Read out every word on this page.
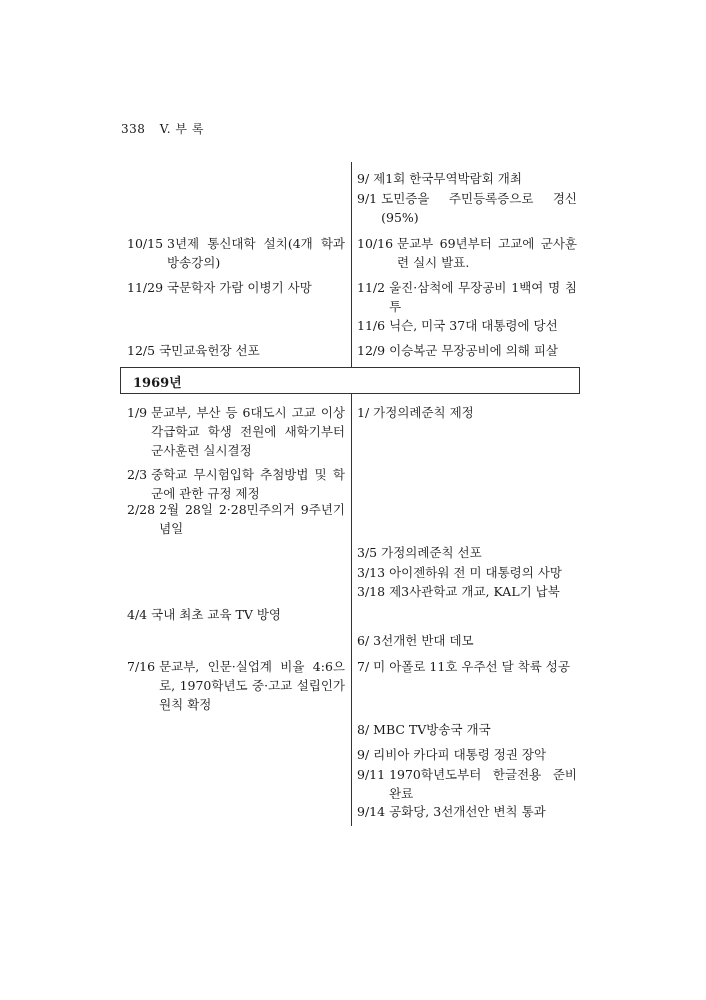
338 V. 부 록
10/15 3년제 통신대학 설치(4개 학과 방송강의)
11/29 국문학자 가람 이병기 사망
12/5 국민교육헌장 선포
9/ 제1회 한국무역박람회 개최
9/1 도민증을 주민등록증으로 경신(95%)
10/16 문교부 69년부터 고교에 군사훈련 실시 발표.
11/2 울진·삼척에 무장공비 1백여 명 침투
11/6 닉슨, 미국 37대 대통령에 당선
12/9 이승복군 무장공비에 의해 피살
1969년
1/9 문교부, 부산 등 6대도시 고교 이상 각급학교 학생 전원에 새학기부터 군사훈련 실시결정
2/3 중학교 무시험입학 추첨방법 및 학군에 관한 규정 제정
2/28 2월 28일 2·28민주의거 9주년기념일
4/4 국내 최초 교육 TV 방영
7/16 문교부, 인문·실업계 비율 4:6으로, 1970학년도 중·고교 설립인가 원칙 확정
1/ 가정의례준칙 제정
3/5 가정의례준칙 선포
3/13 아이젠하워 전 미 대통령의 사망
3/18 제3사관학교 개교, KAL기 납북
6/ 3선개헌 반대 데모
7/ 미 아폴로 11호 우주선 달 착륙 성공
8/ MBC TV방송국 개국
9/ 리비아 카다피 대통령 정권 장악
9/11 1970학년도부터 한글전용 준비 완료
9/14 공화당, 3선개선안 변칙 통과
